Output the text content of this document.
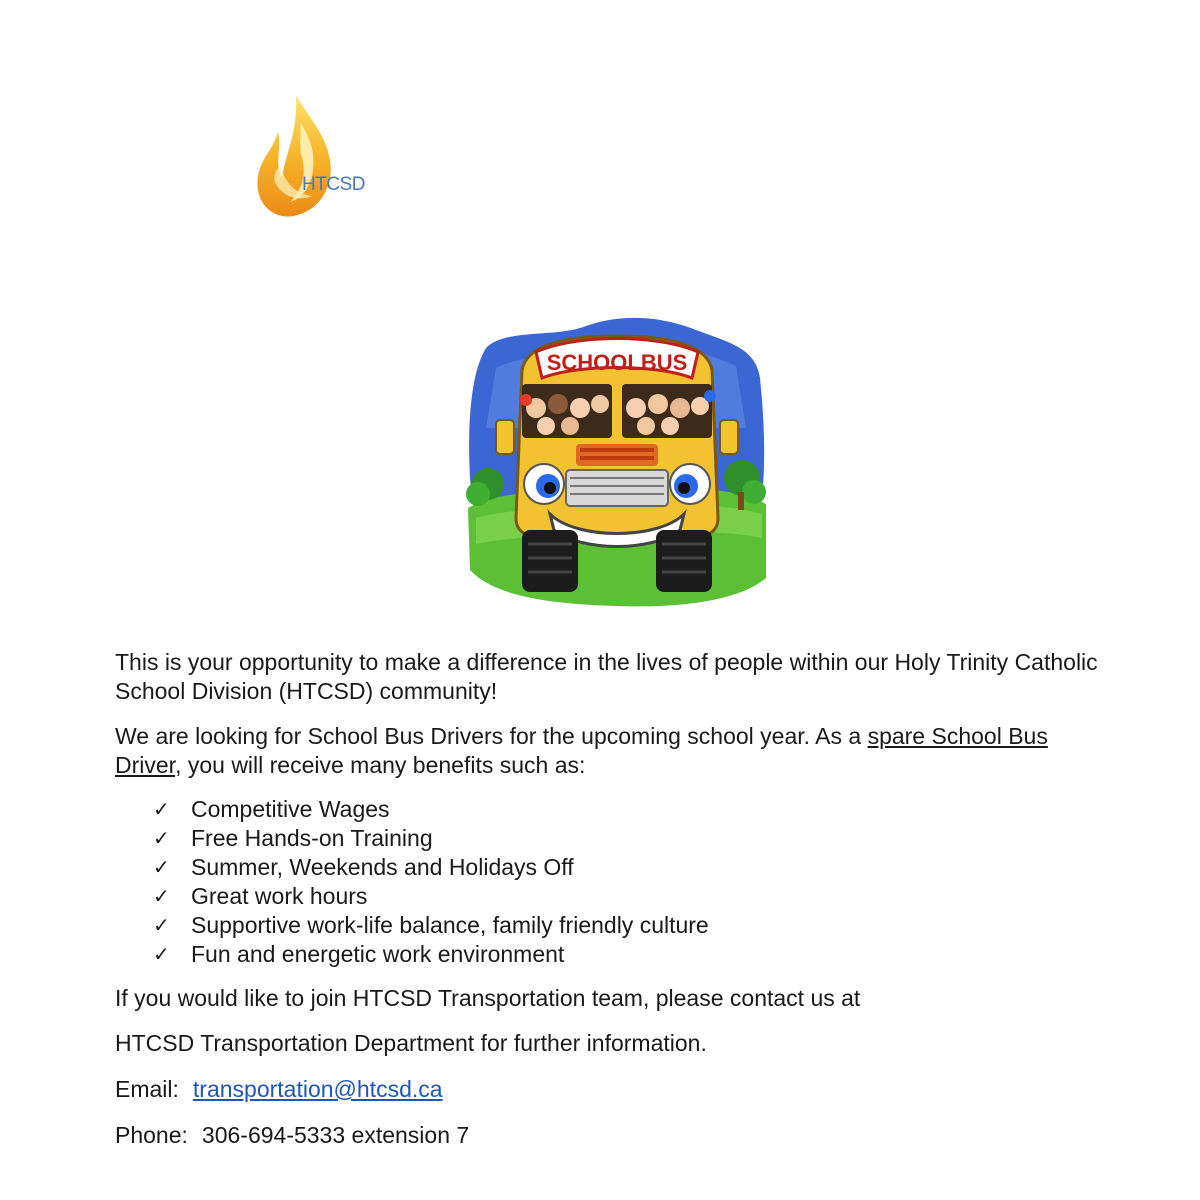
HTCSD
SCHOOLBUS

This is your opportunity to make a difference in the lives of people within our Holy Trinity Catholic School Division (HTCSD) community!

We are looking for School Bus Drivers for the upcoming school year. As a spare School Bus Driver, you will receive many benefits such as:

✓ Competitive Wages
✓ Free Hands-on Training
✓ Summer, Weekends and Holidays Off
✓ Great work hours
✓ Supportive work-life balance, family friendly culture
✓ Fun and energetic work environment

If you would like to join HTCSD Transportation team, please contact us at

HTCSD Transportation Department for further information.

Email: transportation@htcsd.ca

Phone: 306-694-5333 extension 7
